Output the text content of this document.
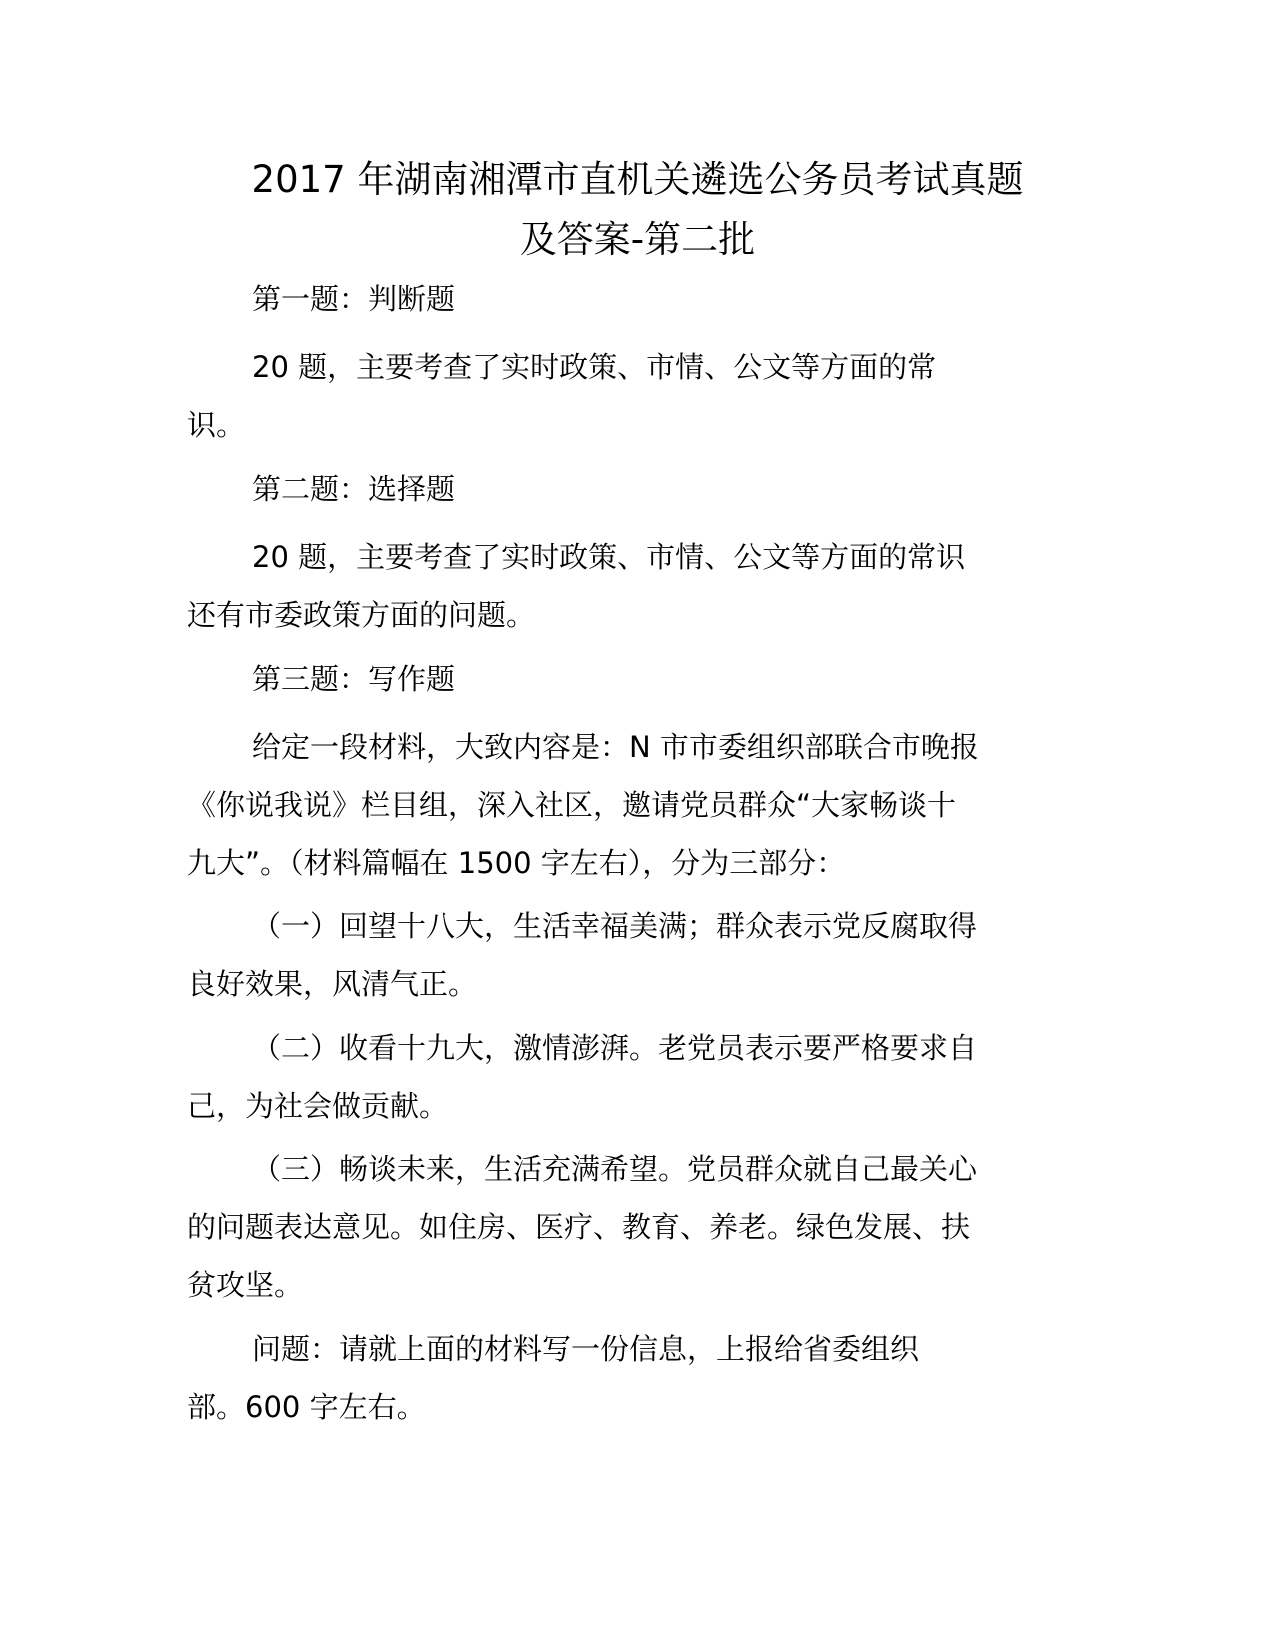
2017 年湖南湘潭市直机关遴选公务员考试真题
及答案-第二批

第一题：判断题

20 题，主要考查了实时政策、市情、公文等方面的常
识。

第二题：选择题

20 题，主要考查了实时政策、市情、公文等方面的常识
还有市委政策方面的问题。

第三题：写作题

给定一段材料，大致内容是：N 市市委组织部联合市晚报
《你说我说》栏目组，深入社区，邀请党员群众“大家畅谈十
九大”。（材料篇幅在 1500 字左右），分为三部分：
（一）回望十八大，生活幸福美满；群众表示党反腐取得
良好效果，风清气正。
（二）收看十九大，激情澎湃。老党员表示要严格要求自
己，为社会做贡献。
（三）畅谈未来，生活充满希望。党员群众就自己最关心
的问题表达意见。如住房、医疗、教育、养老。绿色发展、扶
贫攻坚。
问题：请就上面的材料写一份信息，上报给省委组织
部。600 字左右。
